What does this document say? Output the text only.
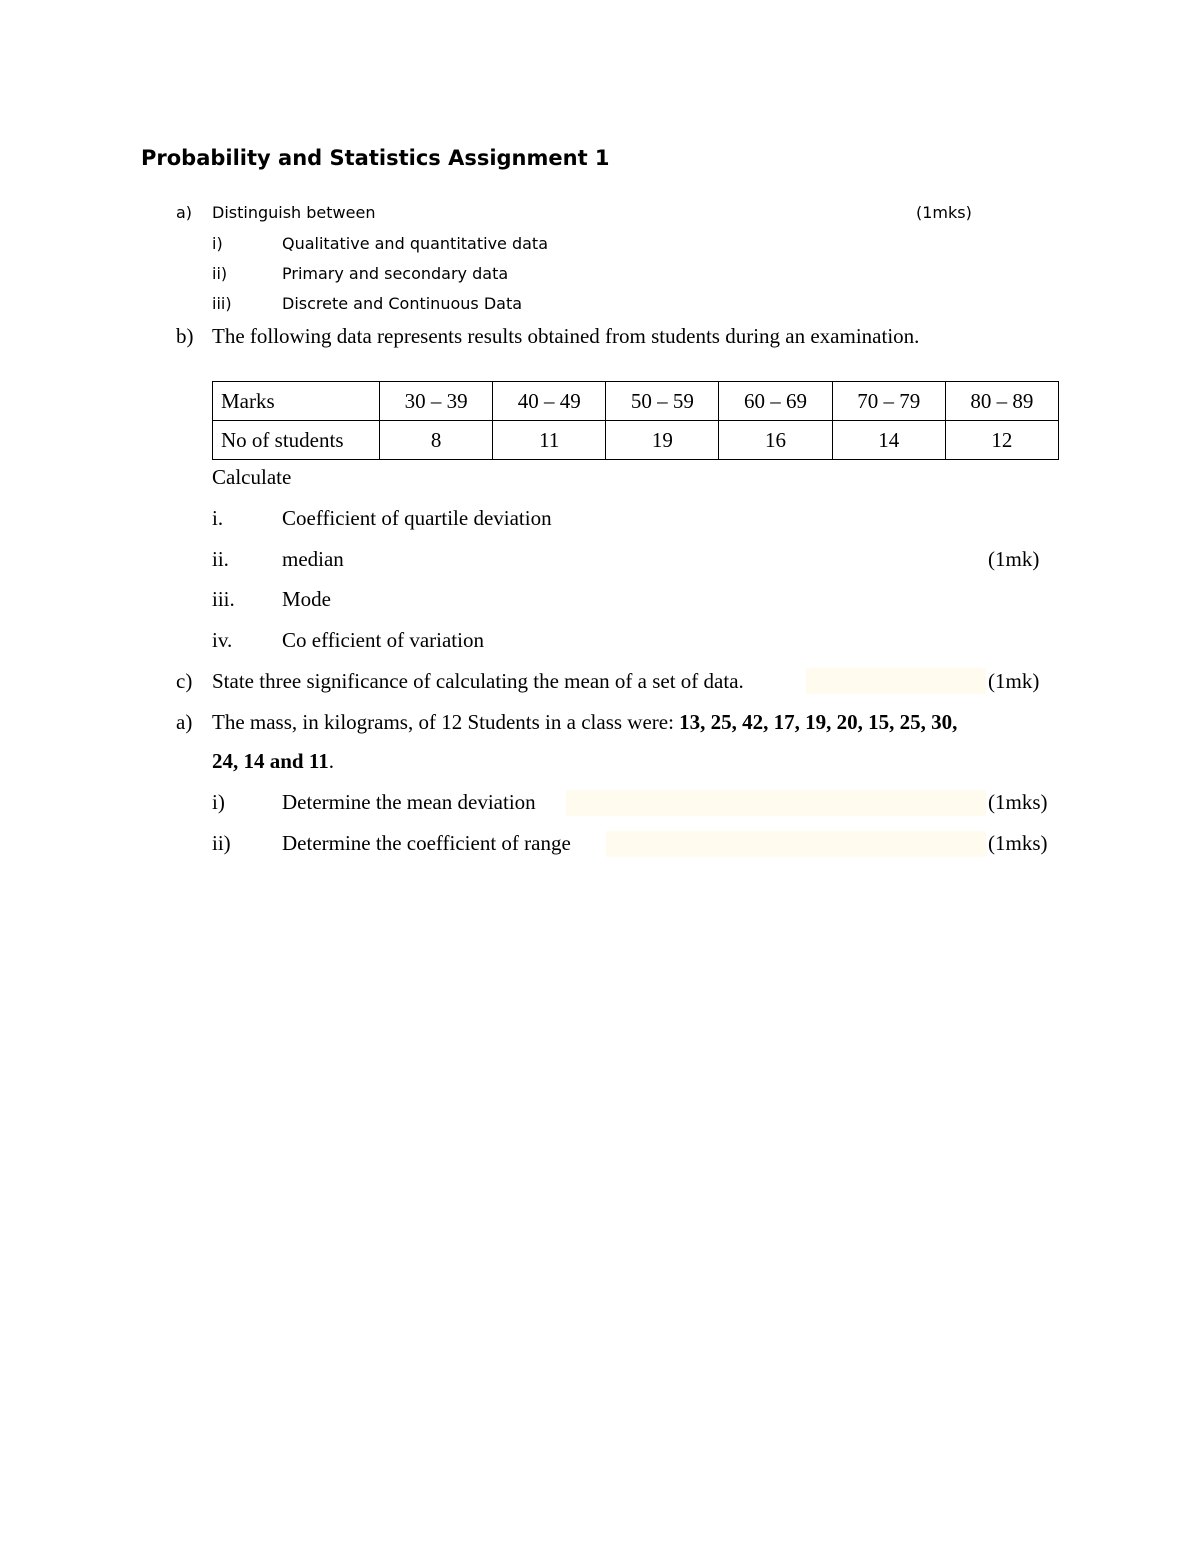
Probability and Statistics Assignment 1
a) Distinguish between	(1mks)
i)	Qualitative and quantitative data
ii)	Primary and secondary data
iii)	Discrete and Continuous Data
b) The following data represents results obtained from students during an examination.
Marks	30 – 39	40 – 49	50 – 59	60 – 69	70 – 79	80 – 89
No of students	8	11	19	16	14	12
Calculate
i.	Coefficient of quartile deviation
ii.	median	(1mk)
iii. Mode
iv. Co efficient of variation
c) State three significance of calculating the mean of a set of data.	(1mk)
a) The mass, in kilograms, of 12 Students in a class were: 13, 25, 42, 17, 19, 20, 15, 25, 30,
24, 14 and 11.
i)	Determine the mean deviation	(1mks)
ii) Determine the coefficient of range	(1mks)
